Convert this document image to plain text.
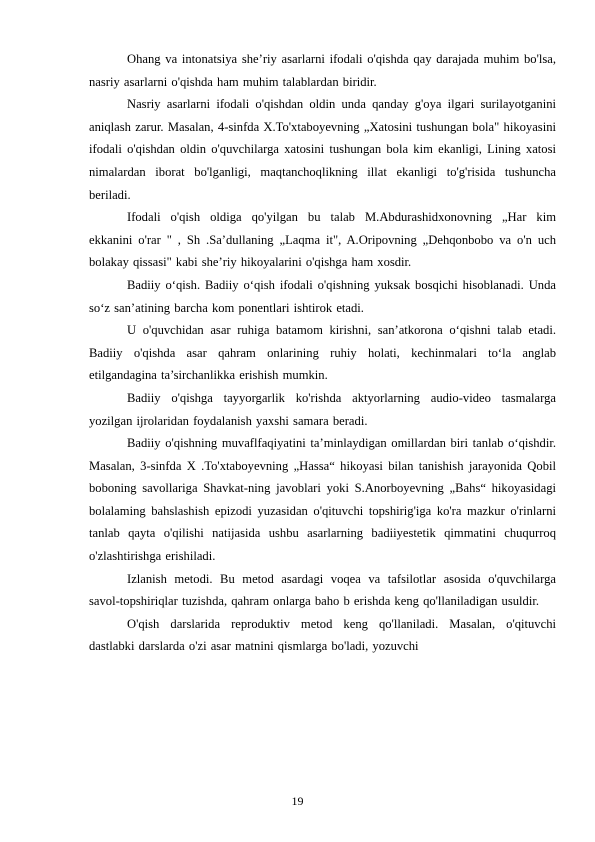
Ohang va intonatsiya she’riy asarlarni ifodali o'qishda qay darajada muhim bo'lsa, nasriy asarlarni o'qishda ham muhim talablardan biridir.

Nasriy asarlarni ifodali o'qishdan oldin unda qanday g'oya ilgari surilayotganini aniqlash zarur. Masalan, 4-sinfda X.To'xtaboyevning „Xatosini tushungan bola" hikoyasini ifodali o'qishdan oldin o'quvchilarga xatosini tushungan bola kim ekanligi, Lining xatosi nimalardan iborat bo'lganligi, maqtanchoqlikning illat ekanligi to'g'risida tushuncha beriladi.

Ifodali o'qish oldiga qo'yilgan bu talab M.Abdurashidxonovning „Har kim ekkanini o'rar " , Sh .Sa’dullaning „Laqma it", A.Oripovning „Dehqonbobo va o'n uch bolakay qissasi" kabi she’riy hikoyalarini o'qishga ham xosdir.

Badiiy o‘qish. Badiiy o‘qish ifodali o'qishning yuksak bosqichi hisoblanadi. Unda so‘z san’atining barcha kom ponentlari ishtirok etadi.

U o'quvchidan asar ruhiga batamom kirishni, san’atkorona o‘qishni talab etadi. Badiiy o'qishda asar qahram onlarining ruhiy holati, kechinmalari to‘la anglab etilgandagina ta’sirchanlikka erishish mumkin.

Badiiy o'qishga tayyorgarlik ko'rishda aktyorlarning audio-video tasmalarga yozilgan ijrolaridan foydalanish yaxshi samara beradi.

Badiiy o'qishning muvaflfaqiyatini ta’minlaydigan omillardan biri tanlab o‘qishdir. Masalan, 3-sinfda X .To'xtaboyevning „Hassa“ hikoyasi bilan tanishish jarayonida Qobil boboning savollariga Shavkat-ning javoblari yoki S.Anorboyevning „Bahs“ hikoyasidagi bolalaming bahslashish epizodi yuzasidan o'qituvchi topshirig'iga ko'ra mazkur o'rinlarni tanlab qayta o'qilishi natijasida ushbu asarlarning badiiyestetik qimmatini chuqurroq o'zlashtirishga erishiladi.

Izlanish metodi. Bu metod asardagi voqea va tafsilotlar asosida o'quvchilarga savol-topshiriqlar tuzishda, qahram onlarga baho b erishda keng qo'llaniladigan usuldir.

O'qish darslarida reproduktiv metod keng qo'llaniladi. Masalan, o'qituvchi dastlabki darslarda o'zi asar matnini qismlarga bo'ladi, yozuvchi

19
